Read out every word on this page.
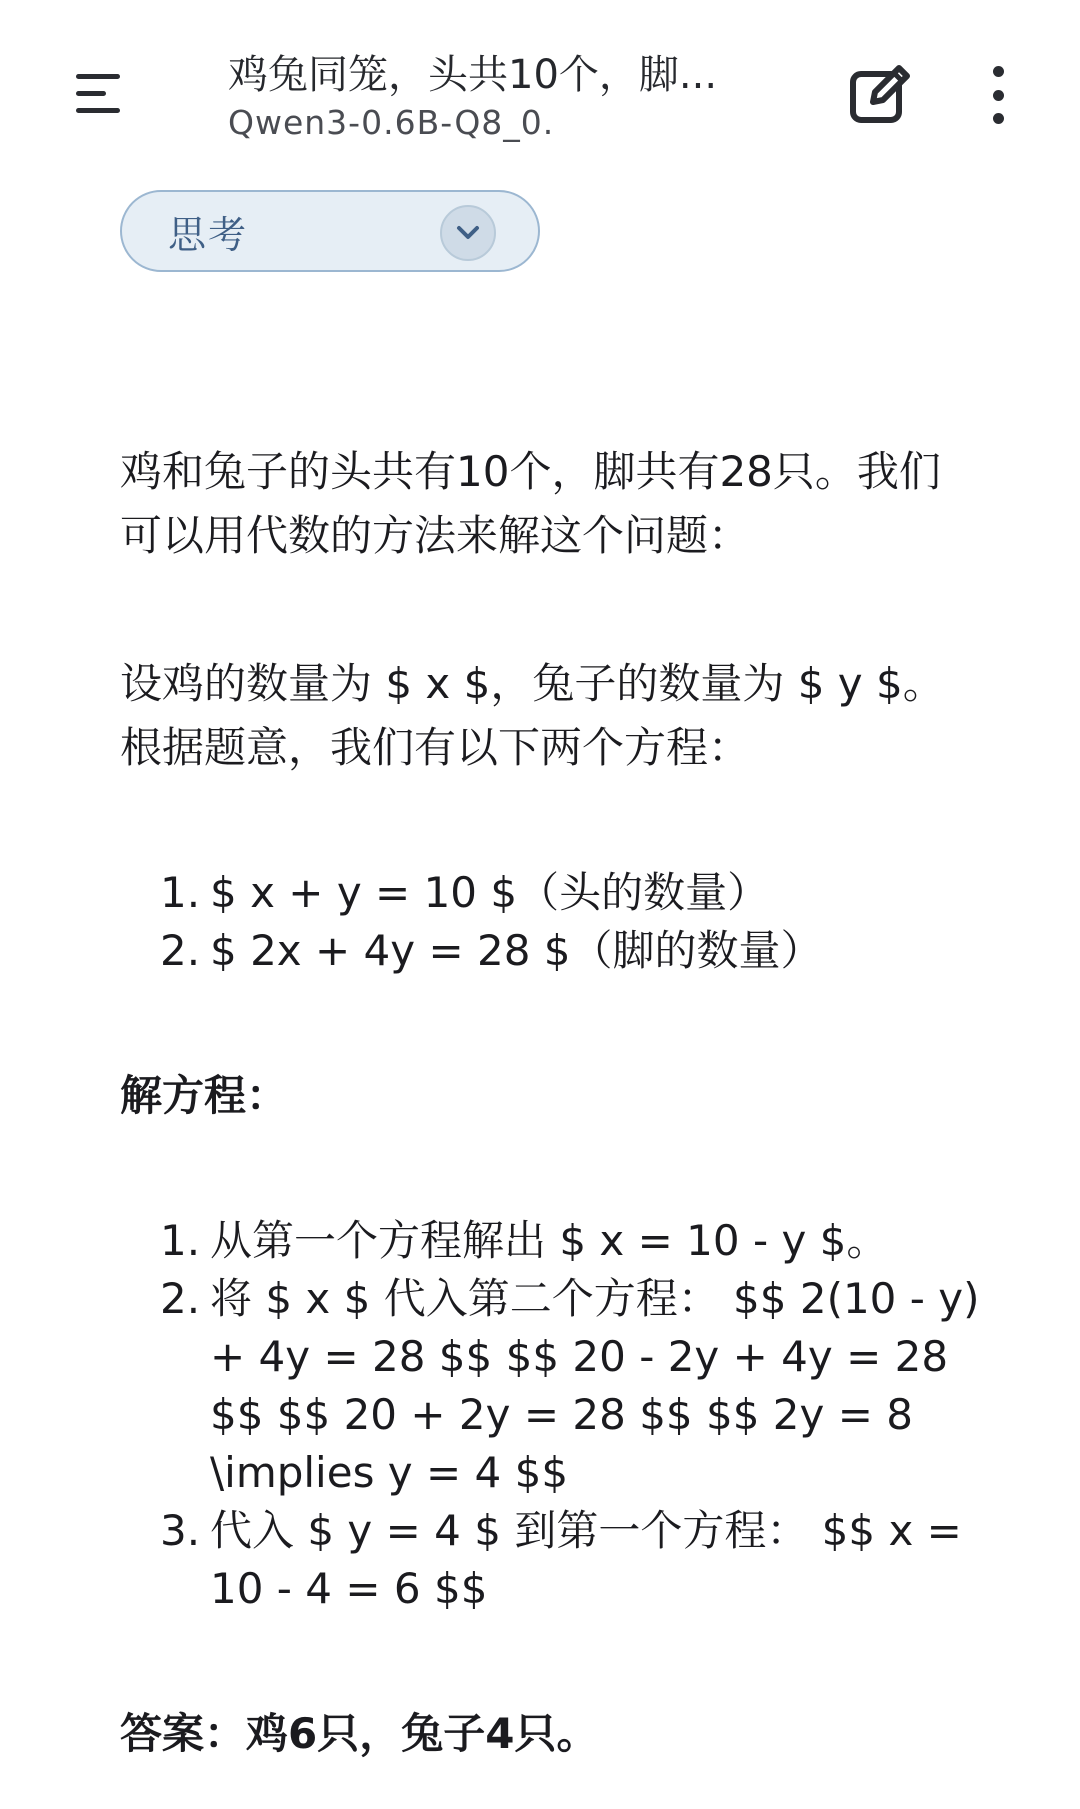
鸡兔同笼，头共10个，脚...
Qwen3-0.6B-Q8_0.
思考
鸡和兔子的头共有10个，脚共有28只。我们可以用代数的方法来解这个问题：
设鸡的数量为 $ x $，兔子的数量为 $ y $。根据题意，我们有以下两个方程：
1. $ x + y = 10 $（头的数量）
2. $ 2x + 4y = 28 $（脚的数量）
解方程：
1. 从第一个方程解出 $ x = 10 - y $。
2. 将 $ x $ 代入第二个方程： $$ 2(10 - y) + 4y = 28 $$ $$ 20 - 2y + 4y = 28 $$ $$ 20 + 2y = 28 $$ $$ 2y = 8 \implies y = 4 $$
3. 代入 $ y = 4 $ 到第一个方程： $$ x = 10 - 4 = 6 $$
答案：鸡6只，兔子4只。
